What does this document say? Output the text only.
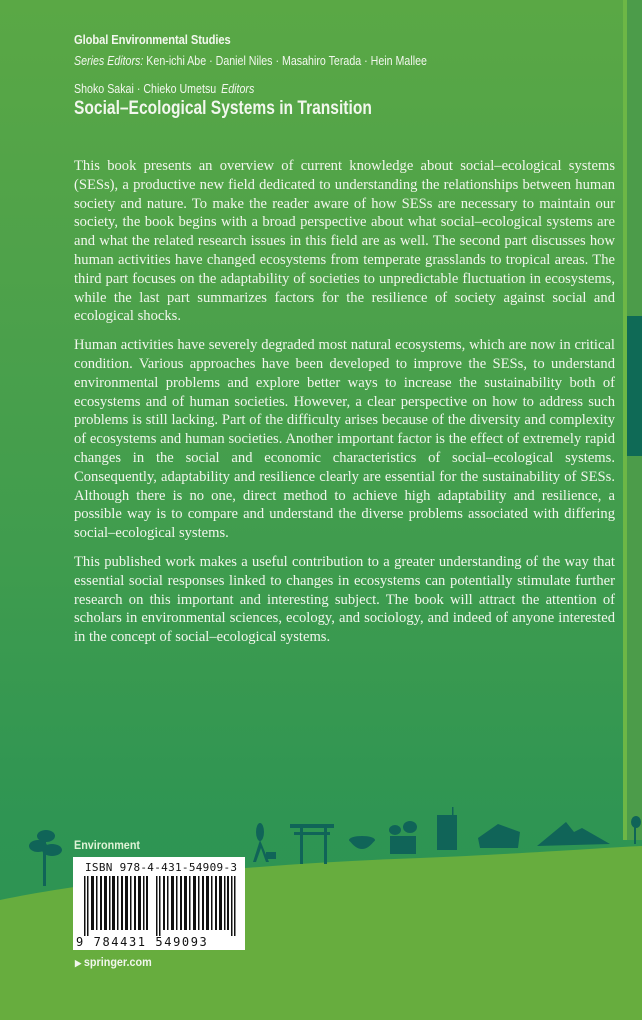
Global Environmental Studies
Series Editors: Ken-ichi Abe · Daniel Niles · Masahiro Terada · Hein Mallee
Shoko Sakai · Chieko Umetsu Editors
Social–Ecological Systems in Transition

This book presents an overview of current knowledge about social–ecological systems (SESs), a productive new field dedicated to understanding the relationships between human society and nature. To make the reader aware of how SESs are necessary to maintain our society, the book begins with a broad perspective about what social–ecological systems are and what the related research issues in this field are as well. The second part discusses how human activities have changed ecosystems from temperate grasslands to tropical areas. The third part focuses on the adaptability of societies to unpredictable fluctuation in ecosystems, while the last part summarizes factors for the resilience of society against social and ecological shocks.

Human activities have severely degraded most natural ecosystems, which are now in critical condition. Various approaches have been developed to improve the SESs, to understand environmental problems and explore better ways to increase the sustainability both of ecosystems and of human societies. However, a clear perspective on how to address such problems is still lacking. Part of the difficulty arises because of the diversity and complexity of ecosystems and human societies. Another important factor is the effect of extremely rapid changes in the social and economic characteristics of social–ecological systems. Consequently, adaptability and resilience clearly are essential for the sustainability of SESs. Although there is no one, direct method to achieve high adaptability and resilience, a possible way is to compare and understand the diverse problems associated with differing social–ecological systems.

This published work makes a useful contribution to a greater understanding of the way that essential social responses linked to changes in ecosystems can potentially stimulate further research on this important and interesting subject. The book will attract the attention of scholars in environmental sciences, ecology, and sociology, and indeed of anyone interested in the concept of social–ecological systems.

Environment
ISBN 978-4-431-54909-3
9 784431 549093
▶ springer.com
